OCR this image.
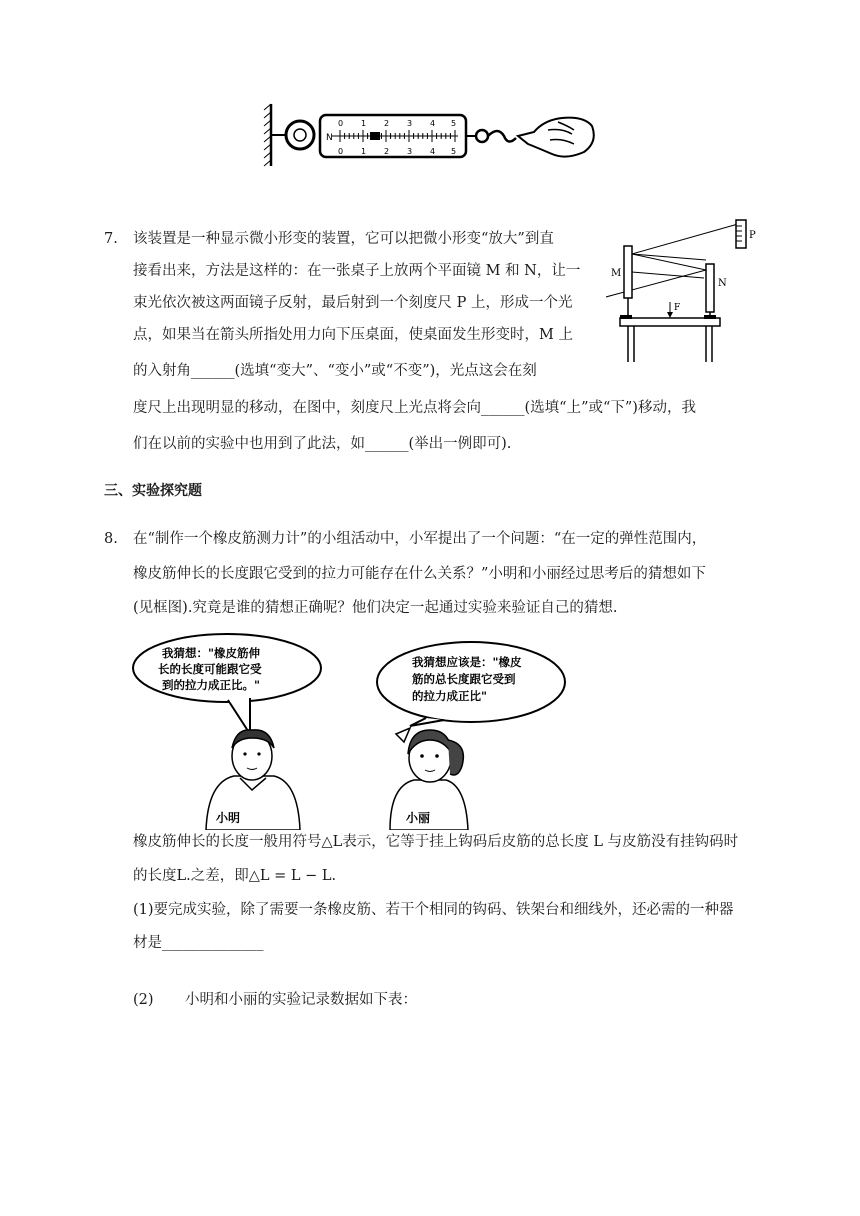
N
0 1 2 3 4 5
0 1 2 3 4 5
M
N
P
F
7. 该装置是一种显示微小形变的装置，它可以把微小形变“放大”到直
接看出来，方法是这样的：在一张桌子上放两个平面镜 M 和 N，让一
束光依次被这两面镜子反射，最后射到一个刻度尺 P 上，形成一个光
点，如果当在箭头所指处用力向下压桌面，使桌面发生形变时，M 上
的入射角______(选填“变大”、“变小”或“不变”)，光点这会在刻
度尺上出现明显的移动，在图中，刻度尺上光点将会向______(选填“上”或“下”)移动，我
们在以前的实验中也用到了此法，如______(举出一例即可).
三、实验探究题
8. 在“制作一个橡皮筋测力计”的小组活动中，小军提出了一个问题：“在一定的弹性范围内，
橡皮筋伸长的长度跟它受到的拉力可能存在什么关系？”小明和小丽经过思考后的猜想如下
(见框图).究竟是谁的猜想正确呢？他们决定一起通过实验来验证自己的猜想.
我猜想："橡皮筋伸
长的长度可能跟它受
到的拉力成正比。"
我猜想应该是："橡皮
筋的总长度跟它受到
的拉力成正比"
小明	小丽
橡皮筋伸长的长度一般用符号△L表示，它等于挂上钩码后皮筋的总长度 L 与皮筋没有挂钩码时
的长度L.之差，即△L = L − L.
(1)要完成实验，除了需要一条橡皮筋、若干个相同的钩码、铁架台和细线外，还必需的一种器
材是______________
(2) 小明和小丽的实验记录数据如下表：
